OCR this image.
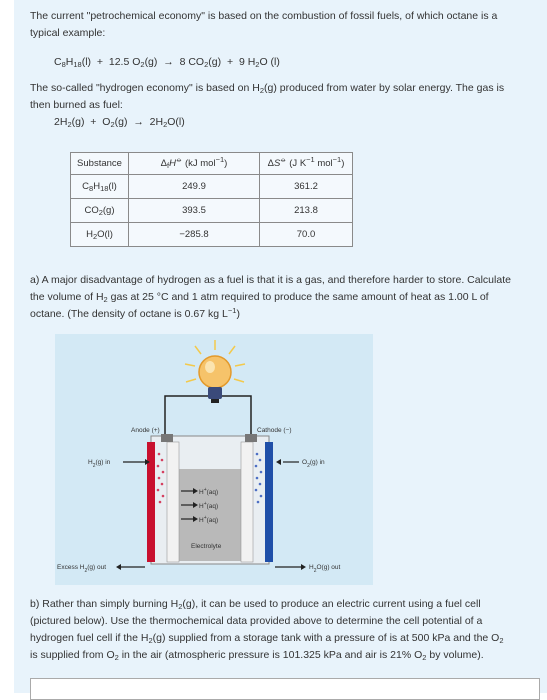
The current "petrochemical economy" is based on the combustion of fossil fuels, of which octane is a
typical example:
$C_8H_{18}(l) + 12.5$ $O_2(g) \to 8$ $CO_2(g) + 9$ $H_2O$ (l)
The so-called "hydrogen economy" is based on $H_2(g)$ produced from water by solar energy. The gas is
then burned as fuel:
$2H_2(g) + O_2(g) \to 2H_2O(l)$
Substance	$\Delta_fH^⦵$ (kJ mol$^{-1}$)	ΔS⦵ (J $K^{-1}$ mol$^{-1}$)
$C_8H_{18}(l)$	249.9	361.2
$CO_2(g)$	393.5	213.8
$H_2O(l)$	−285.8	70.0
a) A major disadvantage of hydrogen as a fuel is that it is a gas, and therefore harder to store. Calculate
the volume of $H_2$ gas at 25 °C and 1 atm required to produce the same amount of heat as 1.00 L of
octane. (The density of octane is 0.67 kg $L^{-1}$)
b) Rather than simply burning $H_2(g)$, it can be used to produce an electric current using a fuel cell
(pictured below). Use the thermochemical data provided above to determine the cell potential of a
hydrogen fuel cell if the $H_2(g)$ supplied from a storage tank with a pressure of is at 500 kPa and the $O_2$
is supplied from $O_2$ in the air (atmospheric pressure is 101.325 kPa and air is 21% $O_2$ by volume).
Anode (+)	Cathode (−)
$H_2(g)$ in	$O_2(g)$ in
H+(aq)
H+(aq)
H+(aq)
Electrolyte
Excess $H_2(g)$ out	$H_2O(g)$ out
